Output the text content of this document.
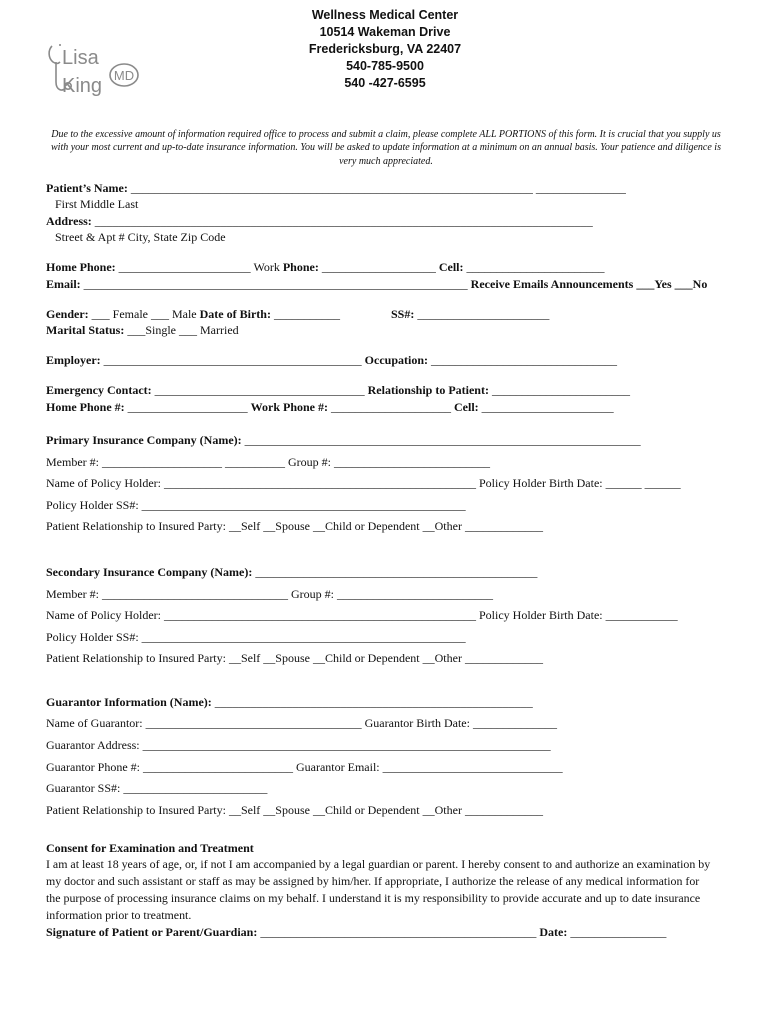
Wellness Medical Center
10514 Wakeman Drive
Fredericksburg, VA 22407
540-785-9500
540 -427-6595
Lisa
King MD
Due to the excessive amount of information required office to process and submit a claim, please complete ALL PORTIONS of this form. It is crucial that you supply us with your most current and up-to-date insurance information. You will be asked to update information at a minimum on an annual basis. Your patience and diligence is very much appreciated.
Patient’s Name: ___________________________________________________________________ _______________
First Middle Last
Address: ___________________________________________________________________________________
Street & Apt # City, State Zip Code
Home Phone: ______________________ Work Phone: ___________________ Cell: _______________________
Email: ________________________________________________________________ Receive Emails Announcements ___Yes ___No
Gender: ___ Female ___ Male Date of Birth: ___________	SS#: ______________________
Marital Status: ___Single ___ Married
Employer: ___________________________________________ Occupation: _______________________________
Emergency Contact: ___________________________________ Relationship to Patient: _______________________
Home Phone #: ____________________ Work Phone #: ____________________ Cell: ______________________
Primary Insurance Company (Name): __________________________________________________________________
Member #: ____________________ __________ Group #: __________________________
Name of Policy Holder: ____________________________________________________ Policy Holder Birth Date: ______ ______
Policy Holder SS#: ______________________________________________________
Patient Relationship to Insured Party: __Self __Spouse __Child or Dependent __Other _____________
Secondary Insurance Company (Name): _______________________________________________
Member #: _______________________________ Group #: __________________________
Name of Policy Holder: ____________________________________________________ Policy Holder Birth Date: ____________
Policy Holder SS#: ______________________________________________________
Patient Relationship to Insured Party: __Self __Spouse __Child or Dependent __Other _____________
Guarantor Information (Name): _____________________________________________________
Name of Guarantor: ____________________________________ Guarantor Birth Date: ______________
Guarantor Address: ____________________________________________________________________
Guarantor Phone #: _________________________ Guarantor Email: ______________________________
Guarantor SS#: ________________________
Patient Relationship to Insured Party: __Self __Spouse __Child or Dependent __Other _____________
Consent for Examination and Treatment
I am at least 18 years of age, or, if not I am accompanied by a legal guardian or parent. I hereby consent to and authorize an examination by my doctor and such assistant or staff as may be assigned by him/her. If appropriate, I authorize the release of any medical information for the purpose of processing insurance claims on my behalf. I understand it is my responsibility to provide accurate and up to date insurance information prior to treatment.
Signature of Patient or Parent/Guardian: ______________________________________________ Date: ________________
